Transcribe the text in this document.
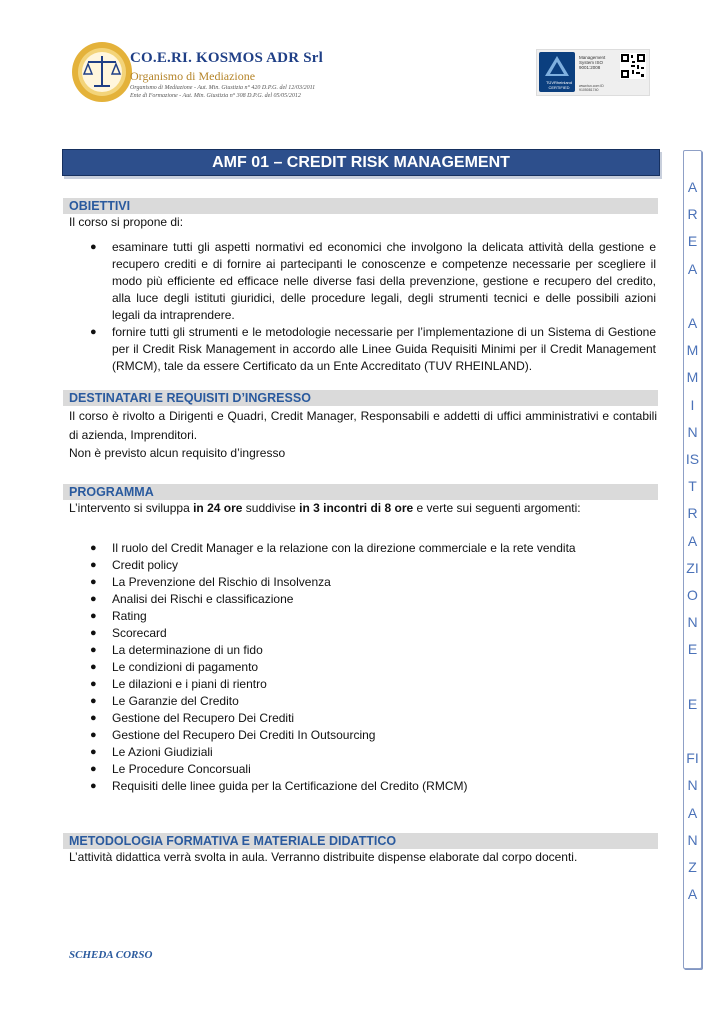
CO.E.RI. KOSMOS ADR Srl
Organismo di Mediazione
Organismo di Mediazione - Aut. Min. Giustizia n° 420 D.P.G. del 12/03/2011
Ente di Formazione - Aut. Min. Giustizia n° 308 D.P.G. del 05/05/2012
TÜVRheinland CERTIFIED
Management System ISO 9001:2008
www.tuv.com ID 9105081740
AMF 01 – CREDIT RISK MANAGEMENT
OBIETTIVI
Il corso si propone di:
● esaminare tutti gli aspetti normativi ed economici che involgono la delicata attività della gestione e recupero crediti e di fornire ai partecipanti le conoscenze e competenze necessarie per scegliere il modo più efficiente ed efficace nelle diverse fasi della prevenzione, gestione e recupero del credito, alla luce degli istituti giuridici, delle procedure legali, degli strumenti tecnici e delle possibili azioni legali da intraprendere.
● fornire tutti gli strumenti e le metodologie necessarie per l’implementazione di un Sistema di Gestione per il Credit Risk Management in accordo alle Linee Guida Requisiti Minimi per il Credit Management (RMCM), tale da essere Certificato da un Ente Accreditato (TUV RHEINLAND).
DESTINATARI E REQUISITI D’INGRESSO
Il corso è rivolto a Dirigenti e Quadri, Credit Manager, Responsabili e addetti di uffici amministrativi e contabili di azienda, Imprenditori.
Non è previsto alcun requisito d’ingresso
PROGRAMMA
L’intervento si sviluppa in 24 ore suddivise in 3 incontri di 8 ore e verte sui seguenti argomenti:
● Il ruolo del Credit Manager e la relazione con la direzione commerciale e la rete vendita
● Credit policy
● La Prevenzione del Rischio di Insolvenza
● Analisi dei Rischi e classificazione
● Rating
● Scorecard
● La determinazione di un fido
● Le condizioni di pagamento
● Le dilazioni e i piani di rientro
● Le Garanzie del Credito
● Gestione del Recupero Dei Crediti
● Gestione del Recupero Dei Crediti In Outsourcing
● Le Azioni Giudiziali
● Le Procedure Concorsuali
● Requisiti delle linee guida per la Certificazione del Credito (RMCM)
METODOLOGIA FORMATIVA E MATERIALE DIDATTICO
L’attività didattica verrà svolta in aula. Verranno distribuite dispense elaborate dal corpo docenti.
A
R
E
A
A
M
M
I
N
IS
T
R
A
ZI
O
N
E
E
FI
N
A
N
Z
A
SCHEDA CORSO
